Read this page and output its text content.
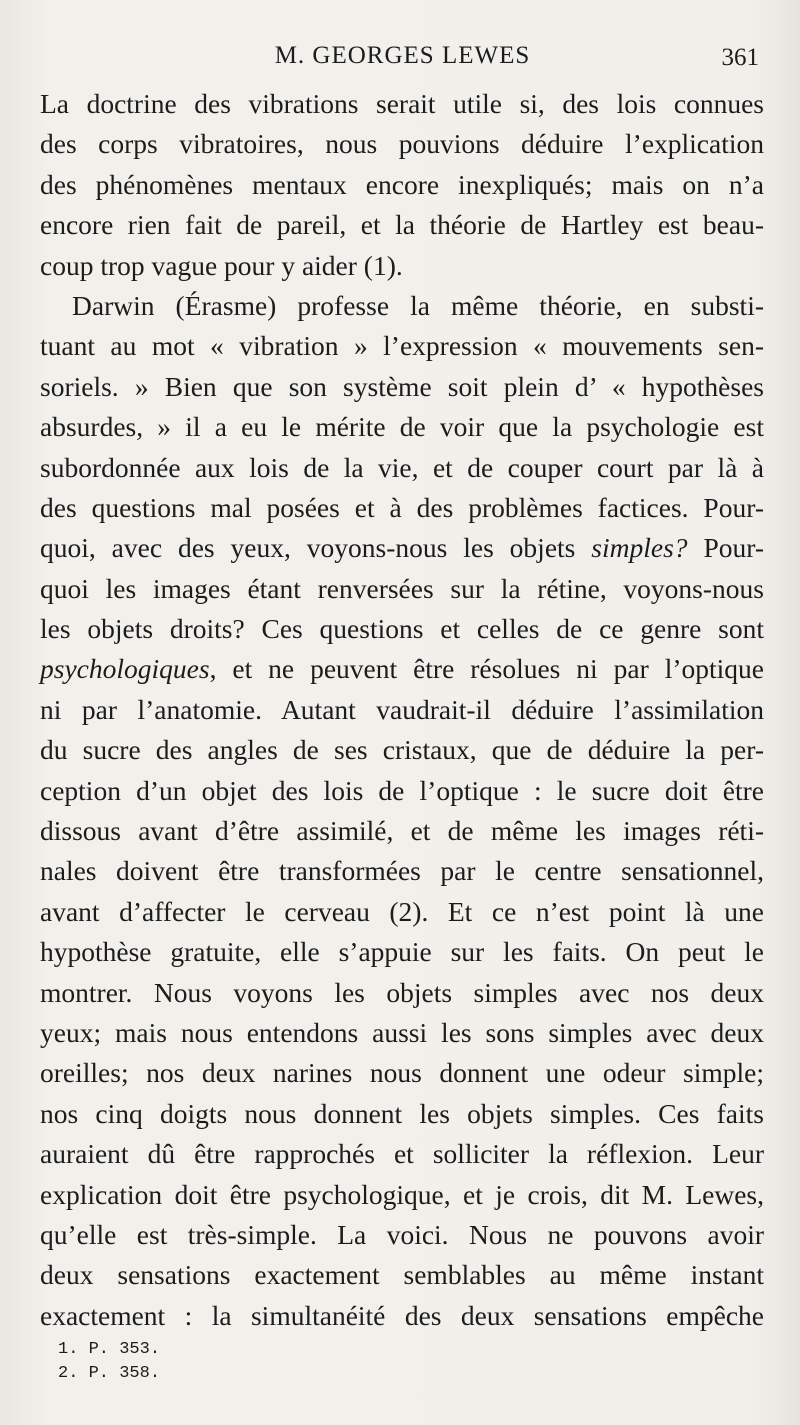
M. GEORGES LEWES	361
La doctrine des vibrations serait utile si, des lois connues
des corps vibratoires, nous pouvions déduire l’explication
des phénomènes mentaux encore inexpliqués; mais on n’a
encore rien fait de pareil, et la théorie de Hartley est beau-
coup trop vague pour y aider (1).
Darwin (Érasme) professe la même théorie, en substi-
tuant au mot « vibration » l’expression « mouvements sen-
soriels. » Bien que son système soit plein d’ « hypothèses
absurdes, » il a eu le mérite de voir que la psychologie est
subordonnée aux lois de la vie, et de couper court par là à
des questions mal posées et à des problèmes factices. Pour-
quoi, avec des yeux, voyons-nous les objets simples? Pour-
quoi les images étant renversées sur la rétine, voyons-nous
les objets droits? Ces questions et celles de ce genre sont
psychologiques, et ne peuvent être résolues ni par l’optique
ni par l’anatomie. Autant vaudrait-il déduire l’assimilation
du sucre des angles de ses cristaux, que de déduire la per-
ception d’un objet des lois de l’optique : le sucre doit être
dissous avant d’être assimilé, et de même les images réti-
nales doivent être transformées par le centre sensationnel,
avant d’affecter le cerveau (2). Et ce n’est point là une
hypothèse gratuite, elle s’appuie sur les faits. On peut le
montrer. Nous voyons les objets simples avec nos deux
yeux; mais nous entendons aussi les sons simples avec deux
oreilles; nos deux narines nous donnent une odeur simple;
nos cinq doigts nous donnent les objets simples. Ces faits
auraient dû être rapprochés et solliciter la réflexion. Leur
explication doit être psychologique, et je crois, dit M. Lewes,
qu’elle est très-simple. La voici. Nous ne pouvons avoir
deux sensations exactement semblables au même instant
exactement : la simultanéité des deux sensations empêche
1. P. 353.
2. P. 358.
